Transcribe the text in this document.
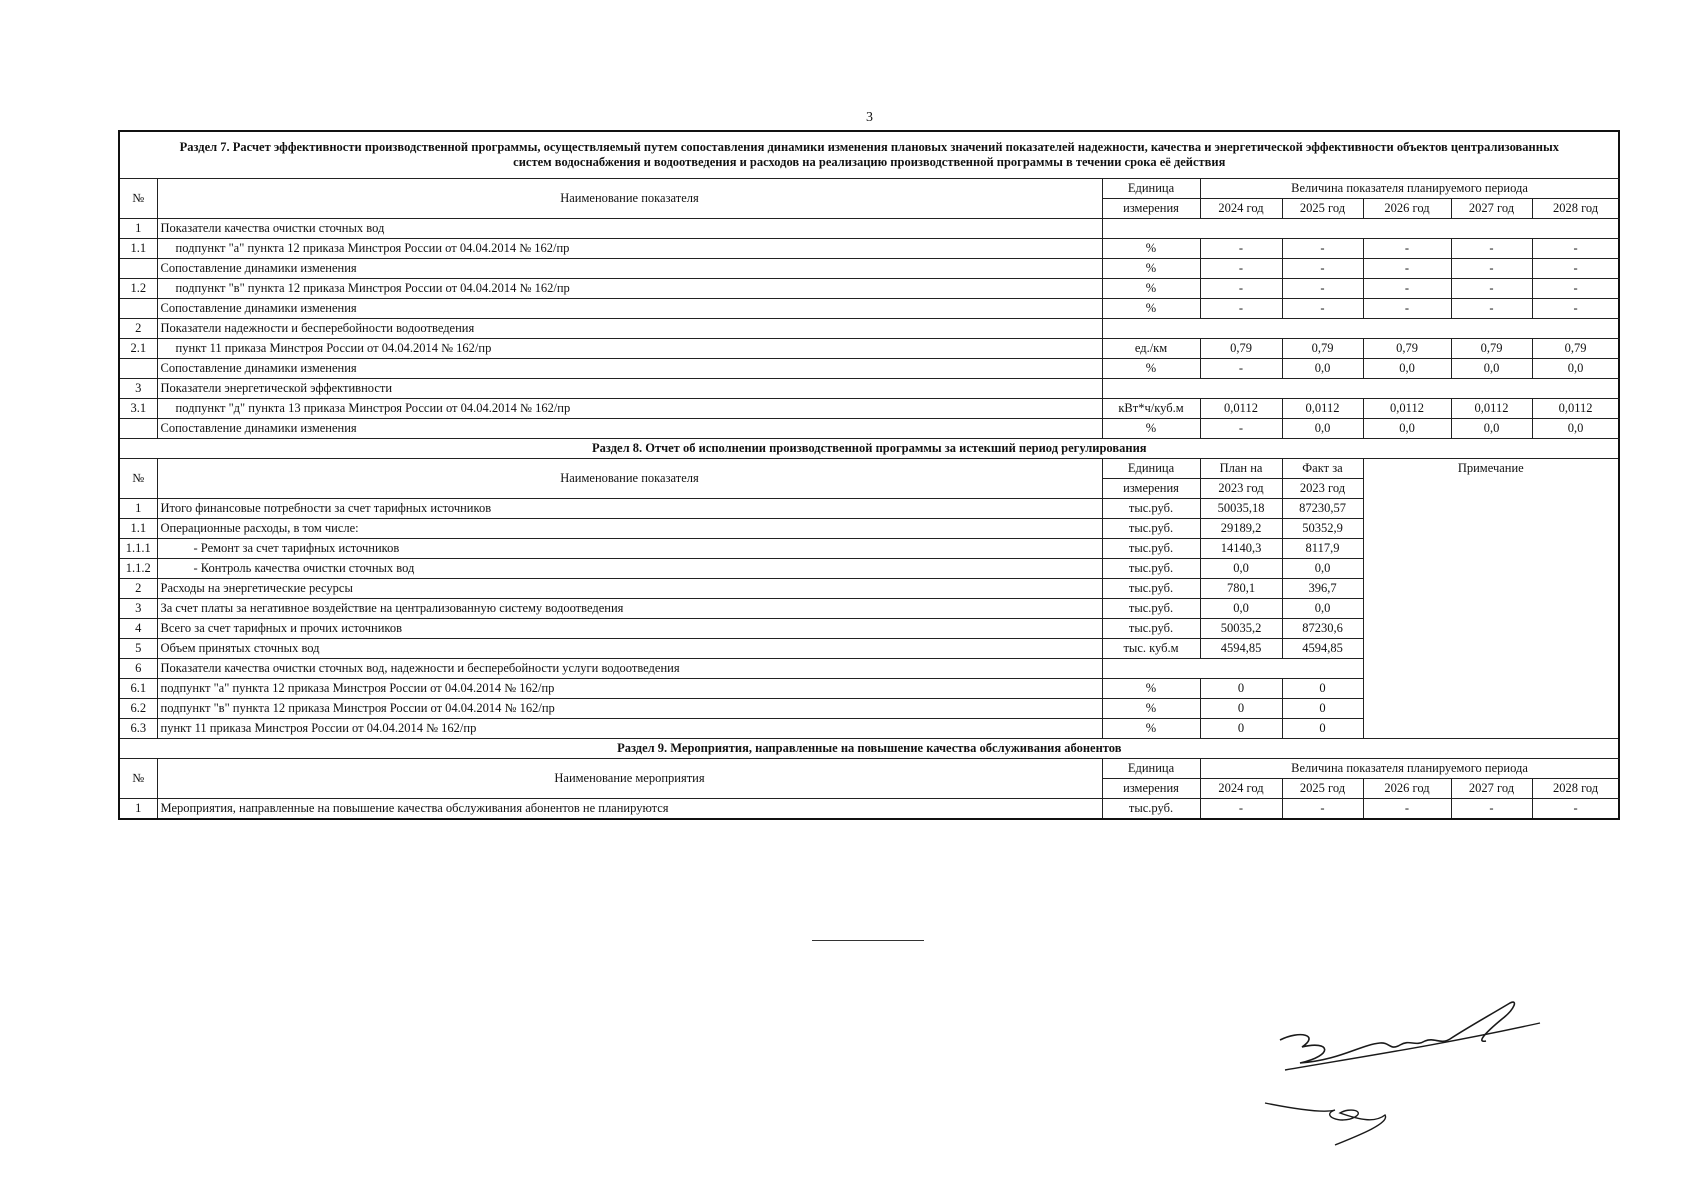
3
Раздел 7. Расчет эффективности производственной программы, осуществляемый путем сопоставления динамики изменения плановых значений показателей надежности, качества и энергетической эффективности объектов централизованных систем водоснабжения и водоотведения и расходов на реализацию производственной программы в течении срока её действия							
№	Наименование показателя	Единица	Величина показателя планируемого периода				
		измерения	2024 год	2025 год	2026 год	2027 год	2028 год
1	Показатели качества очистки сточных вод						
1.1	подпункт "а" пункта 12 приказа Минстроя России от 04.04.2014 № 162/пр	%	-	-	-	-	-
	Сопоставление динамики изменения	%	-	-	-	-	-
1.2	подпункт "в" пункта 12 приказа Минстроя России от 04.04.2014 № 162/пр	%	-	-	-	-	-
	Сопоставление динамики изменения	%	-	-	-	-	-
2	Показатели надежности и бесперебойности водоотведения						
2.1	пункт 11 приказа Минстроя России от 04.04.2014 № 162/пр	ед./км	0,79	0,79	0,79	0,79	0,79
	Сопоставление динамики изменения	%	-	0,0	0,0	0,0	0,0
3	Показатели энергетической эффективности						
3.1	подпункт "д" пункта 13 приказа Минстроя России от 04.04.2014 № 162/пр	кВт*ч/куб.м	0,0112	0,0112	0,0112	0,0112	0,0112
	Сопоставление динамики изменения	%	-	0,0	0,0	0,0	0,0
Раздел 8. Отчет об исполнении производственной программы за истекший период регулирования							
№	Наименование показателя	Единица	План на	Факт за	Примечание		
		измерения	2023 год	2023 год			
1	Итого финансовые потребности за счет тарифных источников	тыс.руб.	50035,18	87230,57			
1.1	Операционные расходы, в том числе:	тыс.руб.	29189,2	50352,9			
1.1.1	- Ремонт за счет тарифных источников	тыс.руб.	14140,3	8117,9			
1.1.2	- Контроль качества очистки сточных вод	тыс.руб.	0,0	0,0			
2	Расходы на энергетические ресурсы	тыс.руб.	780,1	396,7			
3	За счет платы за негативное воздействие на централизованную систему водоотведения	тыс.руб.	0,0	0,0			
4	Всего за счет тарифных и прочих источников	тыс.руб.	50035,2	87230,6			
5	Объем принятых сточных вод	тыс. куб.м	4594,85	4594,85			
6	Показатели качества очистки сточных вод, надежности и бесперебойности услуги водоотведения						
6.1	подпункт "а" пункта 12 приказа Минстроя России от 04.04.2014 № 162/пр	%	0	0			
6.2	подпункт "в" пункта 12 приказа Минстроя России от 04.04.2014 № 162/пр	%	0	0			
6.3	пункт 11 приказа Минстроя России от 04.04.2014 № 162/пр	%	0	0			
Раздел 9. Мероприятия, направленные на повышение качества обслуживания абонентов							
№	Наименование мероприятия	Единица	Величина показателя планируемого периода				
		измерения	2024 год	2025 год	2026 год	2027 год	2028 год
1	Мероприятия, направленные на повышение качества обслуживания абонентов не планируются	тыс.руб.	-	-	-	-	-
